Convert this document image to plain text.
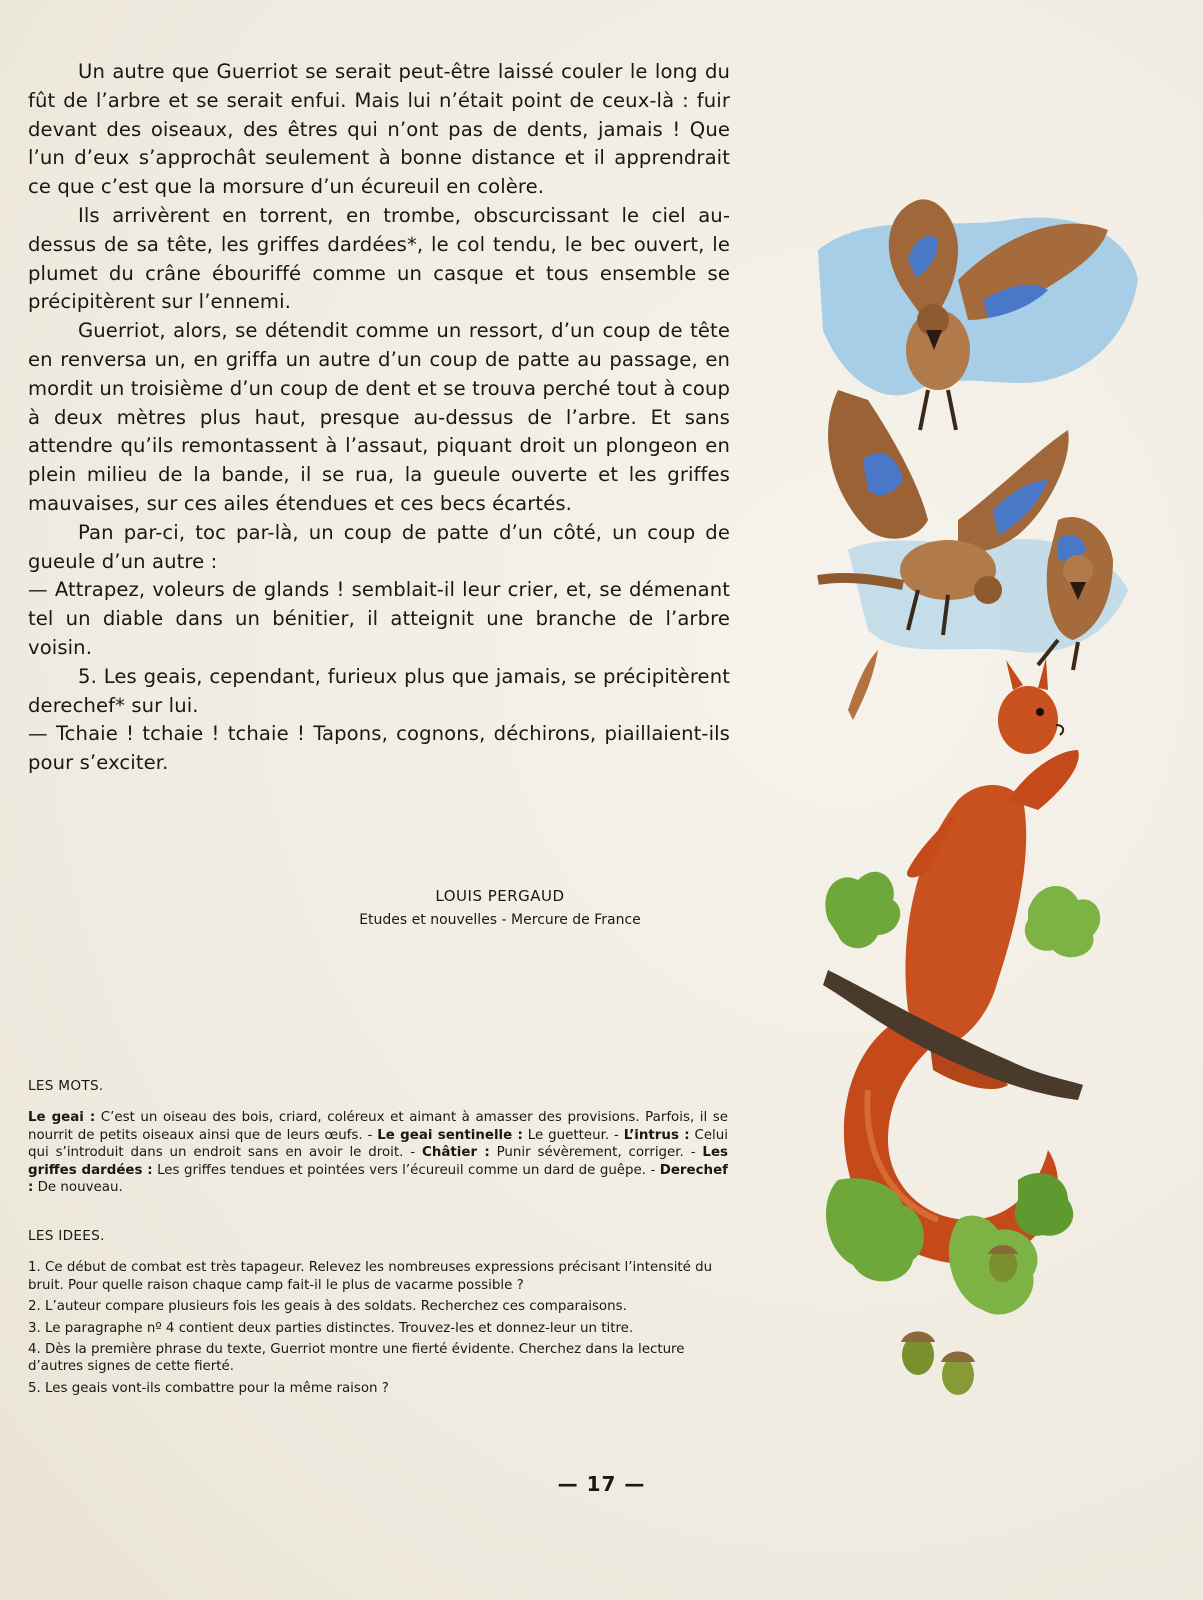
Un autre que Guerriot se serait peut-être laissé couler le long du fût de l’arbre et se serait enfui. Mais lui n’était point de ceux-là : fuir devant des oiseaux, des êtres qui n’ont pas de dents, jamais ! Que l’un d’eux s’approchât seulement à bonne distance et il apprendrait ce que c’est que la morsure d’un écureuil en colère.

Ils arrivèrent en torrent, en trombe, obscurcissant le ciel au-dessus de sa tête, les griffes dardées*, le col tendu, le bec ouvert, le plumet du crâne ébouriffé comme un casque et tous ensemble se précipitèrent sur l’ennemi.

Guerriot, alors, se détendit comme un ressort, d’un coup de tête en renversa un, en griffa un autre d’un coup de patte au passage, en mordit un troisième d’un coup de dent et se trouva perché tout à coup à deux mètres plus haut, presque au-dessus de l’arbre. Et sans attendre qu’ils remontassent à l’assaut, piquant droit un plongeon en plein milieu de la bande, il se rua, la gueule ouverte et les griffes mauvaises, sur ces ailes étendues et ces becs écartés.

Pan par-ci, toc par-là, un coup de patte d’un côté, un coup de gueule d’un autre :

— Attrapez, voleurs de glands ! semblait-il leur crier, et, se démenant tel un diable dans un bénitier, il atteignit une branche de l’arbre voisin.

5. Les geais, cependant, furieux plus que jamais, se précipitèrent derechef* sur lui.

— Tchaie ! tchaie ! tchaie ! Tapons, cognons, déchirons, piaillaient-ils pour s’exciter.

LOUIS PERGAUD
Etudes et nouvelles - Mercure de France
LES MOTS.
Le geai : C’est un oiseau des bois, criard, coléreux et aimant à amasser des provisions. Parfois, il se nourrit de petits oiseaux ainsi que de leurs œufs. - Le geai sentinelle : Le guetteur. - L’intrus : Celui qui s’introduit dans un endroit sans en avoir le droit. - Châtier : Punir sévèrement, corriger. - Les griffes dardées : Les griffes tendues et pointées vers l’écureuil comme un dard de guêpe. - Derechef : De nouveau.
LES IDEES.
1. Ce début de combat est très tapageur. Relevez les nombreuses expressions précisant l’intensité du bruit. Pour quelle raison chaque camp fait-il le plus de vacarme possible ?
2. L’auteur compare plusieurs fois les geais à des soldats. Recherchez ces comparaisons.
3. Le paragraphe nº 4 contient deux parties distinctes. Trouvez-les et donnez-leur un titre.
4. Dès la première phrase du texte, Guerriot montre une fierté évidente. Cherchez dans la lecture d’autres signes de cette fierté.
5. Les geais vont-ils combattre pour la même raison ?
— 17 —
